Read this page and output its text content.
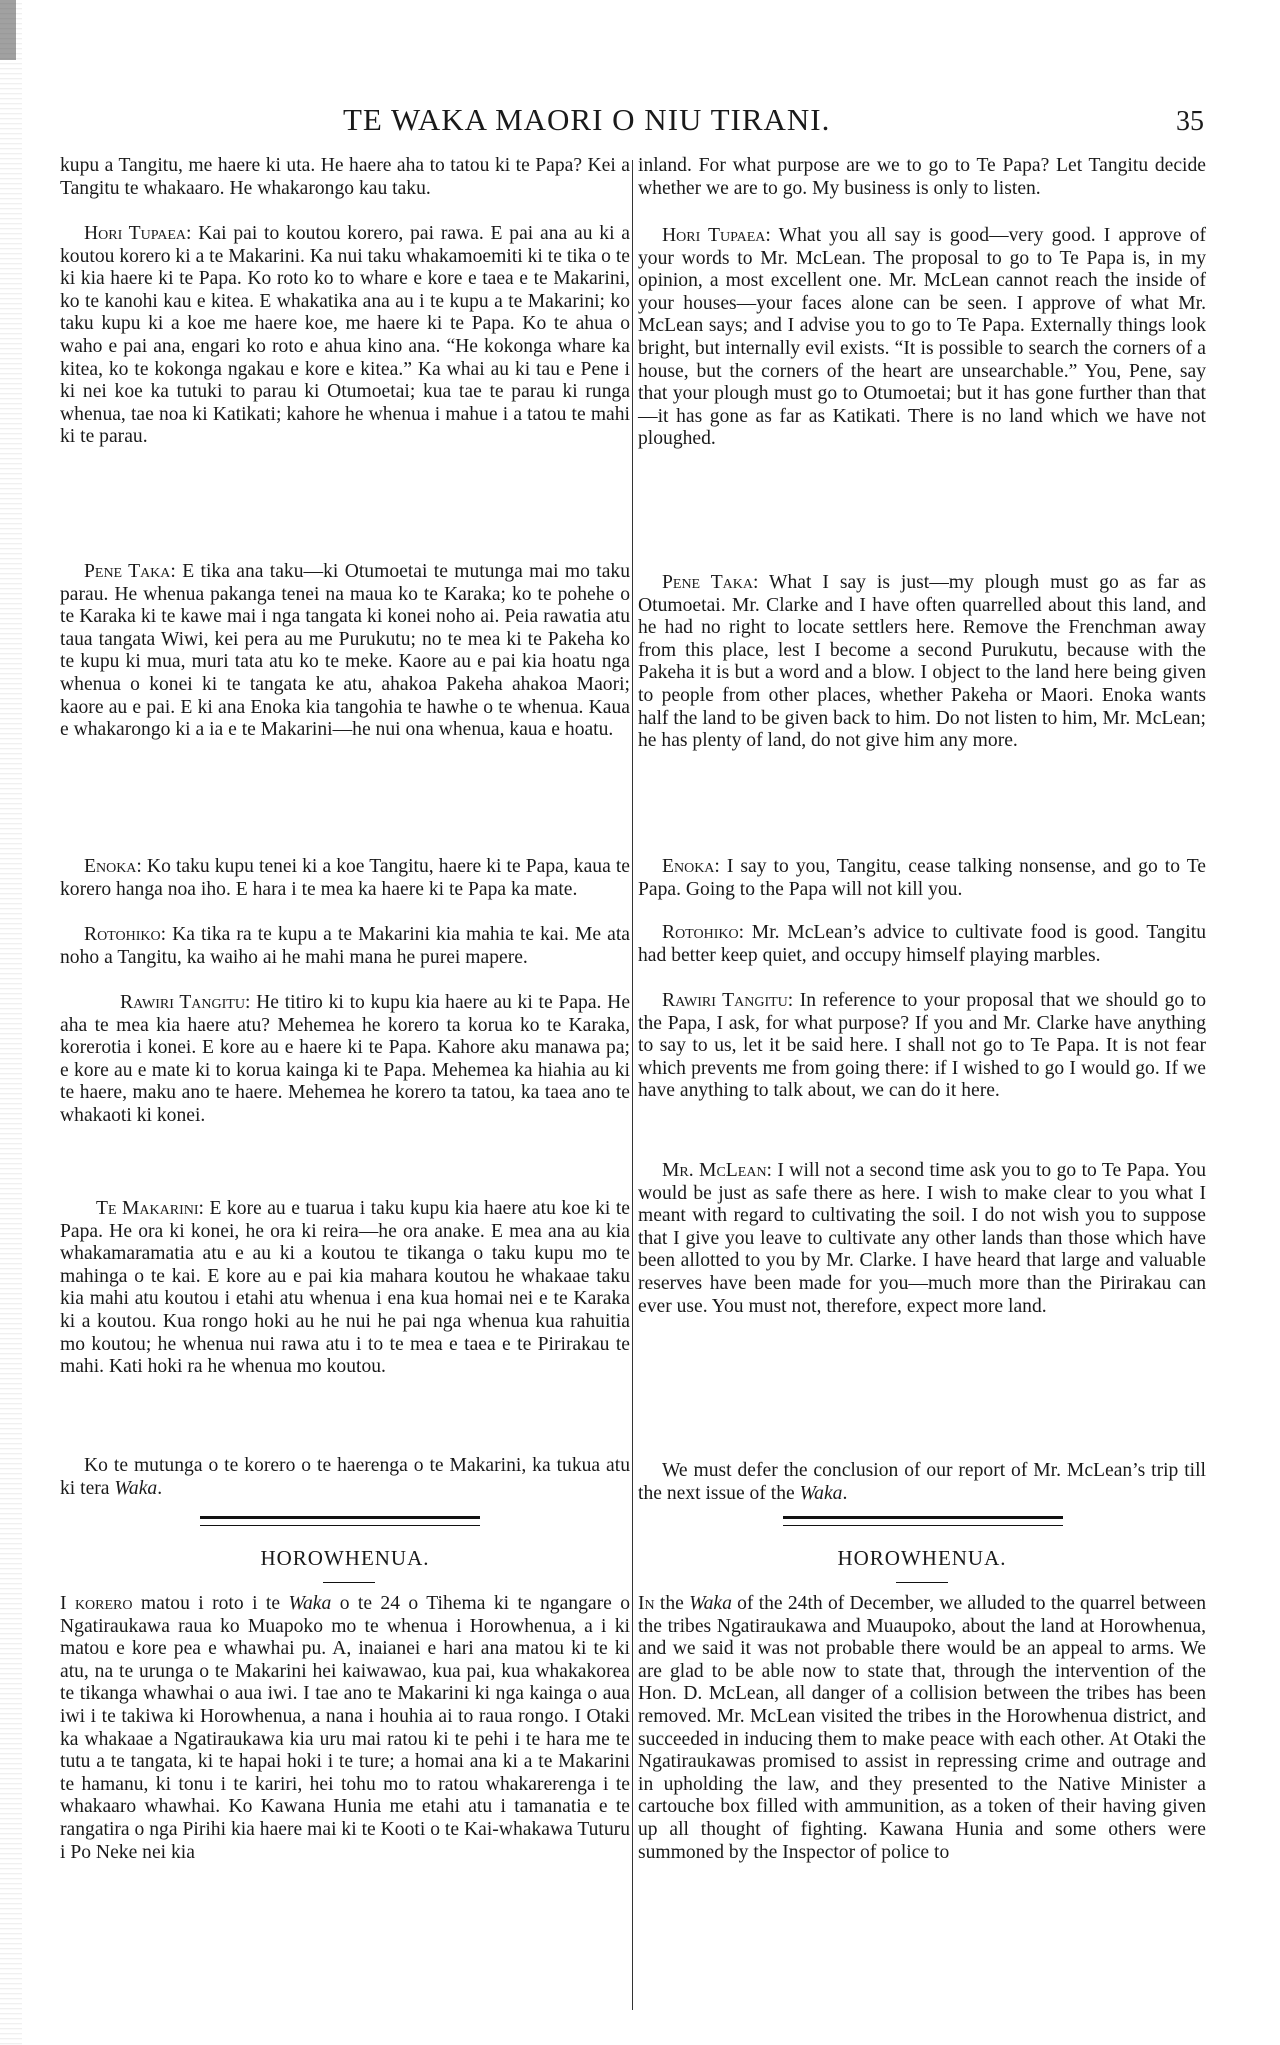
TE WAKA MAORI O NIU TIRANI.	35

kupu a Tangitu, me haere ki uta. He haere aha to tatou ki te Papa? Kei a Tangitu te whakaaro. He whakarongo kau taku.

Hori Tupaea: Kai pai to koutou korero, pai rawa. E pai ana au ki a koutou korero ki a te Makarini. Ka nui taku whakamoemiti ki te tika o te ki kia haere ki te Papa. Ko roto ko to whare e kore e taea e te Makarini, ko te kanohi kau e kitea. E whakatika ana au i te kupu a te Makarini; ko taku kupu ki a koe me haere koe, me haere ki te Papa. Ko te ahua o waho e pai ana, engari ko roto e ahua kino ana. “He kokonga whare ka kitea, ko te kokonga ngakau e kore e kitea.” Ka whai au ki tau e Pene i ki nei koe ka tutuki to parau ki Otumoetai; kua tae te parau ki runga whenua, tae noa ki Katikati; kahore he whenua i mahue i a tatou te mahi ki te parau.

Pene Taka: E tika ana taku—ki Otumoetai te mutunga mai mo taku parau. He whenua pakanga tenei na maua ko te Karaka; ko te pohehe o te Karaka ki te kawe mai i nga tangata ki konei noho ai. Peia rawatia atu taua tangata Wiwi, kei pera au me Purukutu; no te mea ki te Pakeha ko te kupu ki mua, muri tata atu ko te meke. Kaore au e pai kia hoatu nga whenua o konei ki te tangata ke atu, ahakoa Pakeha ahakoa Maori; kaore au e pai. E ki ana Enoka kia tangohia te hawhe o te whenua. Kaua e whakarongo ki a ia e te Makarini—he nui ona whenua, kaua e hoatu.

Enoka: Ko taku kupu tenei ki a koe Tangitu, haere ki te Papa, kaua te korero hanga noa iho. E hara i te mea ka haere ki te Papa ka mate.

Rotohiko: Ka tika ra te kupu a te Makarini kia mahia te kai. Me ata noho a Tangitu, ka waiho ai he mahi mana he purei mapere.

Rawiri Tangitu: He titiro ki to kupu kia haere au ki te Papa. He aha te mea kia haere atu? Mehemea he korero ta korua ko te Karaka, korerotia i konei. E kore au e haere ki te Papa. Kahore aku manawa pa; e kore au e mate ki to korua kainga ki te Papa. Mehemea ka hiahia au ki te haere, maku ano te haere. Mehemea he korero ta tatou, ka taea ano te whakaoti ki konei.

Te Makarini: E kore au e tuarua i taku kupu kia haere atu koe ki te Papa. He ora ki konei, he ora ki reira—he ora anake. E mea ana au kia whakamaramatia atu e au ki a koutou te tikanga o taku kupu mo te mahinga o te kai. E kore au e pai kia mahara koutou he whakaae taku kia mahi atu koutou i etahi atu whenua i ena kua homai nei e te Karaka ki a koutou. Kua rongo hoki au he nui he pai nga whenua kua rahuitia mo koutou; he whenua nui rawa atu i to te mea e taea e te Pirirakau te mahi. Kati hoki ra he whenua mo koutou.

Ko te mutunga o te korero o te haerenga o te Makarini, ka tukua atu ki tera Waka.

HOROWHENUA.

I korero matou i roto i te Waka o te 24 o Tihema ki te ngangare o Ngatiraukawa raua ko Muapoko mo te whenua i Horowhenua, a i ki matou e kore pea e whawhai pu. A, inaianei e hari ana matou ki te ki atu, na te urunga o te Makarini hei kaiwawao, kua pai, kua whakakorea te tikanga whawhai o aua iwi. I tae ano te Makarini ki nga kainga o aua iwi i te takiwa ki Horowhenua, a nana i houhia ai to raua rongo. I Otaki ka whakaae a Ngatiraukawa kia uru mai ratou ki te pehi i te hara me te tutu a te tangata, ki te hapai hoki i te ture; a homai ana ki a te Makarini te hamanu, ki tonu i te kariri, hei tohu mo to ratou whakarerenga i te whakaaro whawhai. Ko Kawana Hunia me etahi atu i tamanatia e te rangatira o nga Pirihi kia haere mai ki te Kooti o te Kai-whakawa Tuturu i Po Neke nei kia

inland. For what purpose are we to go to Te Papa? Let Tangitu decide whether we are to go. My business is only to listen.

Hori Tupaea: What you all say is good—very good. I approve of your words to Mr. McLean. The proposal to go to Te Papa is, in my opinion, a most excellent one. Mr. McLean cannot reach the inside of your houses—your faces alone can be seen. I approve of what Mr. McLean says; and I advise you to go to Te Papa. Externally things look bright, but internally evil exists. “It is possible to search the corners of a house, but the corners of the heart are unsearchable.” You, Pene, say that your plough must go to Otumoetai; but it has gone further than that—it has gone as far as Katikati. There is no land which we have not ploughed.

Pene Taka: What I say is just—my plough must go as far as Otumoetai. Mr. Clarke and I have often quarrelled about this land, and he had no right to locate settlers here. Remove the Frenchman away from this place, lest I become a second Purukutu, because with the Pakeha it is but a word and a blow. I object to the land here being given to people from other places, whether Pakeha or Maori. Enoka wants half the land to be given back to him. Do not listen to him, Mr. McLean; he has plenty of land, do not give him any more.

Enoka: I say to you, Tangitu, cease talking nonsense, and go to Te Papa. Going to the Papa will not kill you.

Rotohiko: Mr. McLean’s advice to cultivate food is good. Tangitu had better keep quiet, and occupy himself playing marbles.

Rawiri Tangitu: In reference to your proposal that we should go to the Papa, I ask, for what purpose? If you and Mr. Clarke have anything to say to us, let it be said here. I shall not go to Te Papa. It is not fear which prevents me from going there: if I wished to go I would go. If we have anything to talk about, we can do it here.

Mr. McLean: I will not a second time ask you to go to Te Papa. You would be just as safe there as here. I wish to make clear to you what I meant with regard to cultivating the soil. I do not wish you to suppose that I give you leave to cultivate any other lands than those which have been allotted to you by Mr. Clarke. I have heard that large and valuable reserves have been made for you—much more than the Pirirakau can ever use. You must not, therefore, expect more land.

We must defer the conclusion of our report of Mr. McLean’s trip till the next issue of the Waka.

HOROWHENUA.

In the Waka of the 24th of December, we alluded to the quarrel between the tribes Ngatiraukawa and Muaupoko, about the land at Horowhenua, and we said it was not probable there would be an appeal to arms. We are glad to be able now to state that, through the intervention of the Hon. D. McLean, all danger of a collision between the tribes has been removed. Mr. McLean visited the tribes in the Horowhenua district, and succeeded in inducing them to make peace with each other. At Otaki the Ngatiraukawas promised to assist in repressing crime and outrage and in upholding the law, and they presented to the Native Minister a cartouche box filled with ammunition, as a token of their having given up all thought of fighting. Kawana Hunia and some others were summoned by the Inspector of police to
